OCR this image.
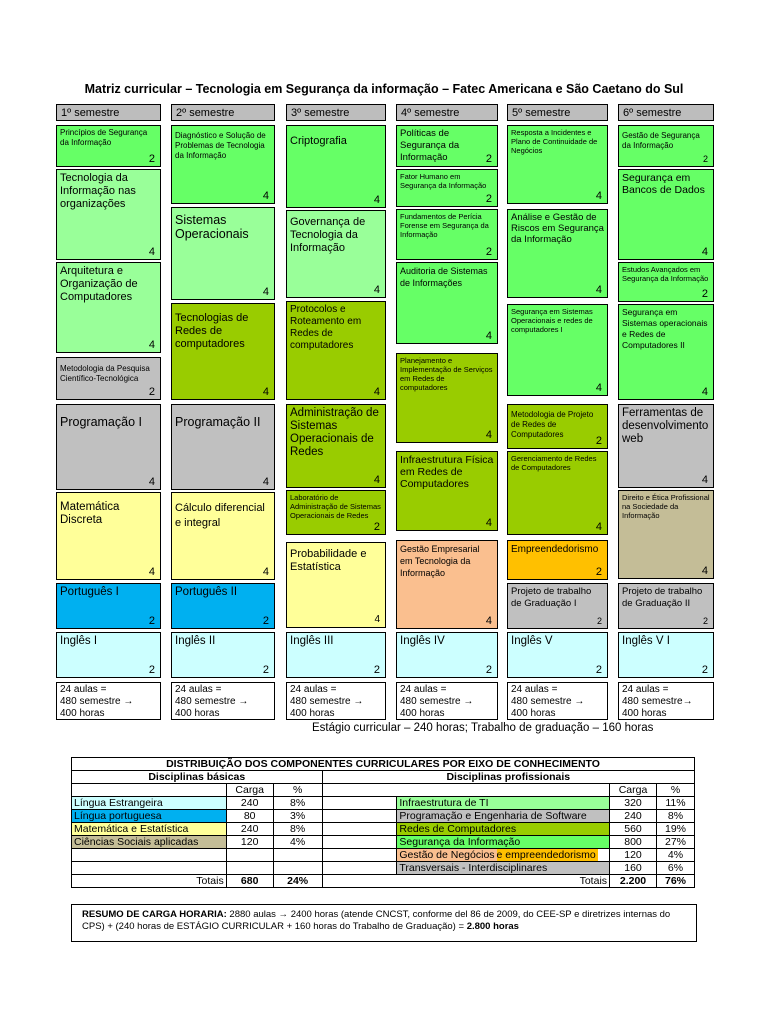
Matriz curricular – Tecnologia em Segurança da informação – Fatec Americana e São Caetano do Sul
1º semestre	2º semestre	3º semestre	4º semestre	5º semestre	6º semestre
Princípios de Segurança da Informação
2
Tecnologia da Informação nas organizações
4
Arquitetura e Organização de Computadores
4
Metodologia da Pesquisa Científico-Tecnológica
2
Programação I
4
Matemática Discreta
4
Português I
2
Inglês I
2
Diagnóstico e Solução de Problemas de Tecnologia da Informação
4
Sistemas Operacionais
4
Tecnologias de Redes de computadores
4
Programação II
4
Cálculo diferencial e integral
4
Português II
2
Inglês II
2
Criptografia
4
Governança de Tecnologia da Informação
4
Protocolos e Roteamento em Redes de computadores
4
Administração de Sistemas Operacionais de Redes
4
Laboratório de Administração de Sistemas Operacionais de Redes
2
Probabilidade e Estatística
4
Inglês III
2
Políticas de Segurança da Informação	2
Fator Humano em Segurança da Informação
2
Fundamentos de Perícia Forense em Segurança da Informação
2
Auditoria de Sistemas de Informações
4
Planejamento e Implementação de Serviços em Redes de computadores
4
Infraestrutura Física em Redes de Computadores
4
Gestão Empresarial em Tecnologia da Informação
4
Inglês IV
2
Resposta a Incidentes e Plano de Continuidade de Negócios
4
Análise e Gestão de Riscos em Segurança da Informação
4
Segurança em Sistemas Operacionais e redes de computadores I
4
Metodologia de Projeto de Redes de Computadores
2
Gerenciamento de Redes de Computadores
4
Empreendedorismo
2
Projeto de trabalho de Graduação I
2
Inglês V
2
Gestão de Segurança da Informação
2
Segurança em Bancos de Dados
4
Estudos Avançados em Segurança da Informação
2
Segurança em Sistemas operacionais e Redes de Computadores II
4
Ferramentas de desenvolvimento web
4
Direito e Ética Profissional na Sociedade da Informação
4
Projeto de trabalho de Graduação II
2
Inglês V I
2
24 aulas =
480 semestre →
400 horas
24 aulas =
480 semestre →
400 horas
24 aulas =
480 semestre →
400 horas
24 aulas =
480 semestre →
400 horas
24 aulas =
480 semestre →
400 horas
24 aulas =
480 semestre→
400 horas
Estágio curricular – 240 horas; Trabalho de graduação – 160 horas
DISTRIBUIÇÃO DOS COMPONENTES CURRICULARES POR EIXO DE CONHECIMENTO						
Disciplinas básicas			Disciplinas profissionais			
	Carga	%			Carga	%
Língua Estrangeira	240	8%		Infraestrutura de TI	320	11%
Língua portuguesa	80	3%		Programação e Engenharia de Software	240	8%
Matemática e Estatística	240	8%		Redes de Computadores	560	19%
Ciências Sociais aplicadas	120	4%		Segurança da Informação	800	27%
				Gestão de Negóciose empreendedorismo	120	4%
				Transversais - Interdisciplinares	160	6%
Totais	680	24%	Totais		2.200	76%
RESUMO DE CARGA HORARIA: 2880 aulas → 2400 horas (atende CNCST, conforme del 86 de 2009, do CEE-SP e diretrizes internas do CPS) + (240 horas de ESTÁGIO CURRICULAR + 160 horas do Trabalho de Graduação) = 2.800 horas
